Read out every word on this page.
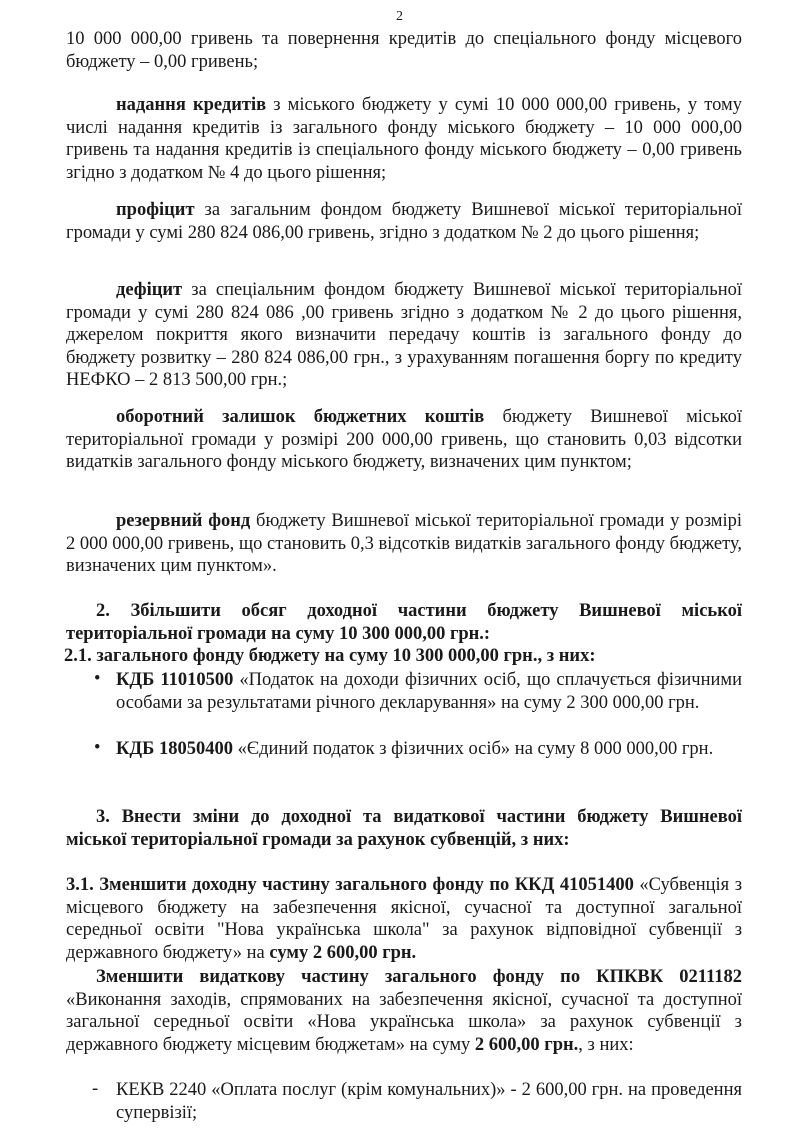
2
10 000 000,00 гривень та повернення кредитів до спеціального фонду місцевого бюджету – 0,00 гривень;
надання кредитів з міського бюджету у сумі 10 000 000,00 гривень, у тому числі надання кредитів із загального фонду міського бюджету – 10 000 000,00 гривень та надання кредитів із спеціального фонду міського бюджету – 0,00 гривень згідно з додатком № 4 до цього рішення;
профіцит за загальним фондом бюджету Вишневої міської територіальної громади у сумі 280 824 086,00 гривень, згідно з додатком № 2 до цього рішення;
дефіцит за спеціальним фондом бюджету Вишневої міської територіальної громади у сумі 280 824 086 ,00 гривень згідно з додатком № 2 до цього рішення, джерелом покриття якого визначити передачу коштів із загального фонду до бюджету розвитку – 280 824 086,00 грн., з урахуванням погашення боргу по кредиту НЕФКО – 2 813 500,00 грн.;
оборотний залишок бюджетних коштів бюджету Вишневої міської територіальної громади у розмірі 200 000,00 гривень, що становить 0,03 відсотки видатків загального фонду міського бюджету, визначених цим пунктом;
резервний фонд бюджету Вишневої міської територіальної громади у розмірі 2 000 000,00 гривень, що становить 0,3 відсотків видатків загального фонду бюджету, визначених цим пунктом».
2. Збільшити обсяг доходної частини бюджету Вишневої міської територіальної громади на суму 10 300 000,00 грн.:
2.1. загального фонду бюджету на суму 10 300 000,00 грн., з них:
• КДБ 11010500 «Податок на доходи фізичних осіб, що сплачується фізичними особами за результатами річного декларування» на суму 2 300 000,00 грн.
• КДБ 18050400 «Єдиний податок з фізичних осіб» на суму 8 000 000,00 грн.
3. Внести зміни до доходної та видаткової частини бюджету Вишневої міської територіальної громади за рахунок субвенцій, з них:
3.1. Зменшити доходну частину загального фонду по ККД 41051400 «Субвенція з місцевого бюджету на забезпечення якісної, сучасної та доступної загальної середньої освіти "Нова українська школа" за рахунок відповідної субвенції з державного бюджету» на суму 2 600,00 грн.
Зменшити видаткову частину загального фонду по КПКВК 0211182 «Виконання заходів, спрямованих на забезпечення якісної, сучасної та доступної загальної середньої освіти «Нова українська школа» за рахунок субвенції з державного бюджету місцевим бюджетам» на суму 2 600,00 грн., з них:
- КЕКВ 2240 «Оплата послуг (крім комунальних)» - 2 600,00 грн. на проведення супервізії;
